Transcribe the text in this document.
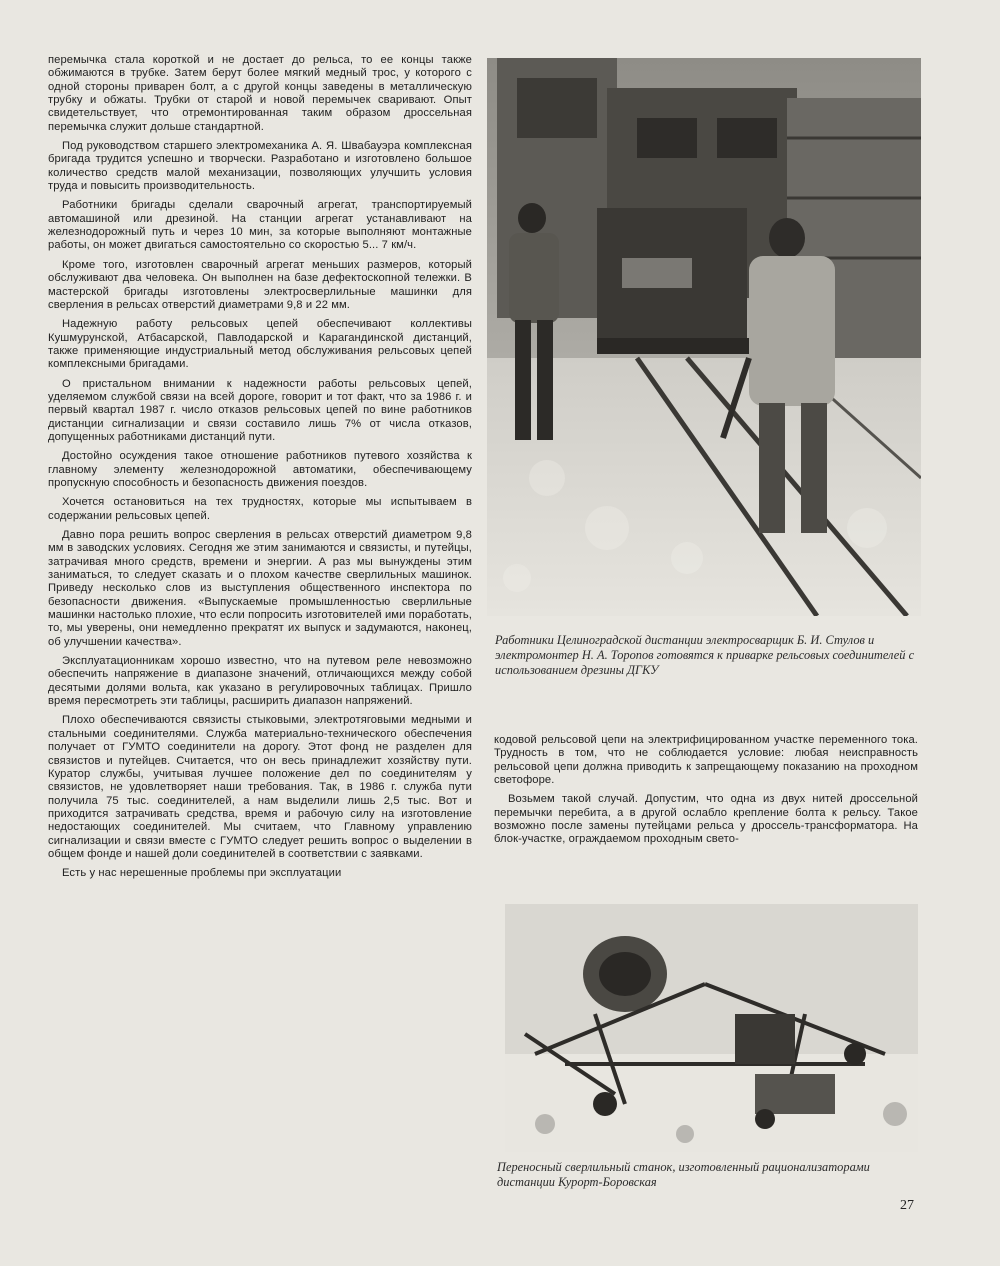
перемычка стала короткой и не достает до рельса, то ее концы также обжимаются в трубке. Затем берут более мягкий медный трос, у которого с одной стороны приварен болт, а с другой концы заведены в металлическую трубку и обжаты. Трубки от старой и новой перемычек сваривают. Опыт свидетельствует, что отремонтированная таким образом дроссельная перемычка служит дольше стандартной.

Под руководством старшего электромеханика А. Я. Швабауэра комплексная бригада трудится успешно и творчески. Разработано и изготовлено большое количество средств малой механизации, позволяющих улучшить условия труда и повысить производительность.

Работники бригады сделали сварочный агрегат, транспортируемый автомашиной или дрезиной. На станции агрегат устанавливают на железнодорожный путь и через 10 мин, за которые выполняют монтажные работы, он может двигаться самостоятельно со скоростью 5... 7 км/ч.

Кроме того, изготовлен сварочный агрегат меньших размеров, который обслуживают два человека. Он выполнен на базе дефектоскопной тележки. В мастерской бригады изготовлены электросверлильные машинки для сверления в рельсах отверстий диаметрами 9,8 и 22 мм.

Надежную работу рельсовых цепей обеспечивают коллективы Кушмурунской, Атбасарской, Павлодарской и Карагандинской дистанций, также применяющие индустриальный метод обслуживания рельсовых цепей комплексными бригадами.

О пристальном внимании к надежности работы рельсовых цепей, уделяемом службой связи на всей дороге, говорит и тот факт, что за 1986 г. и первый квартал 1987 г. число отказов рельсовых цепей по вине работников дистанции сигнализации и связи составило лишь 7% от числа отказов, допущенных работниками дистанций пути.

Достойно осуждения такое отношение работников путевого хозяйства к главному элементу железнодорожной автоматики, обеспечивающему пропускную способность и безопасность движения поездов.

Хочется остановиться на тех трудностях, которые мы испытываем в содержании рельсовых цепей.

Давно пора решить вопрос сверления в рельсах отверстий диаметром 9,8 мм в заводских условиях. Сегодня же этим занимаются и связисты, и путейцы, затрачивая много средств, времени и энергии. А раз мы вынуждены этим заниматься, то следует сказать и о плохом качестве сверлильных машинок. Приведу несколько слов из выступления общественного инспектора по безопасности движения. «Выпускаемые промышленностью сверлильные машинки настолько плохие, что если попросить изготовителей ими поработать, то, мы уверены, они немедленно прекратят их выпуск и задумаются, наконец, об улучшении качества».

Эксплуатационникам хорошо известно, что на путевом реле невозможно обеспечить напряжение в диапазоне значений, отличающихся между собой десятыми долями вольта, как указано в регулировочных таблицах. Пришло время пересмотреть эти таблицы, расширить диапазон напряжений.

Плохо обеспечиваются связисты стыковыми, электротяговыми медными и стальными соединителями. Служба материально-технического обеспечения получает от ГУМТО соединители на дорогу. Этот фонд не разделен для связистов и путейцев. Считается, что он весь принадлежит хозяйству пути. Куратор службы, учитывая лучшее положение дел по соединителям у связистов, не удовлетворяет наши требования. Так, в 1986 г. служба пути получила 75 тыс. соединителей, а нам выделили лишь 2,5 тыс. Вот и приходится затрачивать средства, время и рабочую силу на изготовление недостающих соединителей. Мы считаем, что Главному управлению сигнализации и связи вместе с ГУМТО следует решить вопрос о выделении в общем фонде и нашей доли соединителей в соответствии с заявками.

Есть у нас нерешенные проблемы при эксплуатации

Работники Целиноградской дистанции электросварщик Б. И. Стулов и электромонтер Н. А. Торопов готовятся к приварке рельсовых соединителей с использованием дрезины ДГКУ

кодовой рельсовой цепи на электрифицированном участке переменного тока. Трудность в том, что не соблюдается условие: любая неисправность рельсовой цепи должна приводить к запрещающему показанию на проходном светофоре.

Возьмем такой случай. Допустим, что одна из двух нитей дроссельной перемычки перебита, а в другой ослабло крепление болта к рельсу. Такое возможно после замены путейцами рельса у дроссель-трансформатора. На блок-участке, ограждаемом проходным свето-

Переносный сверлильный станок, изготовленный рационализаторами дистанции Курорт-Боровская
27
